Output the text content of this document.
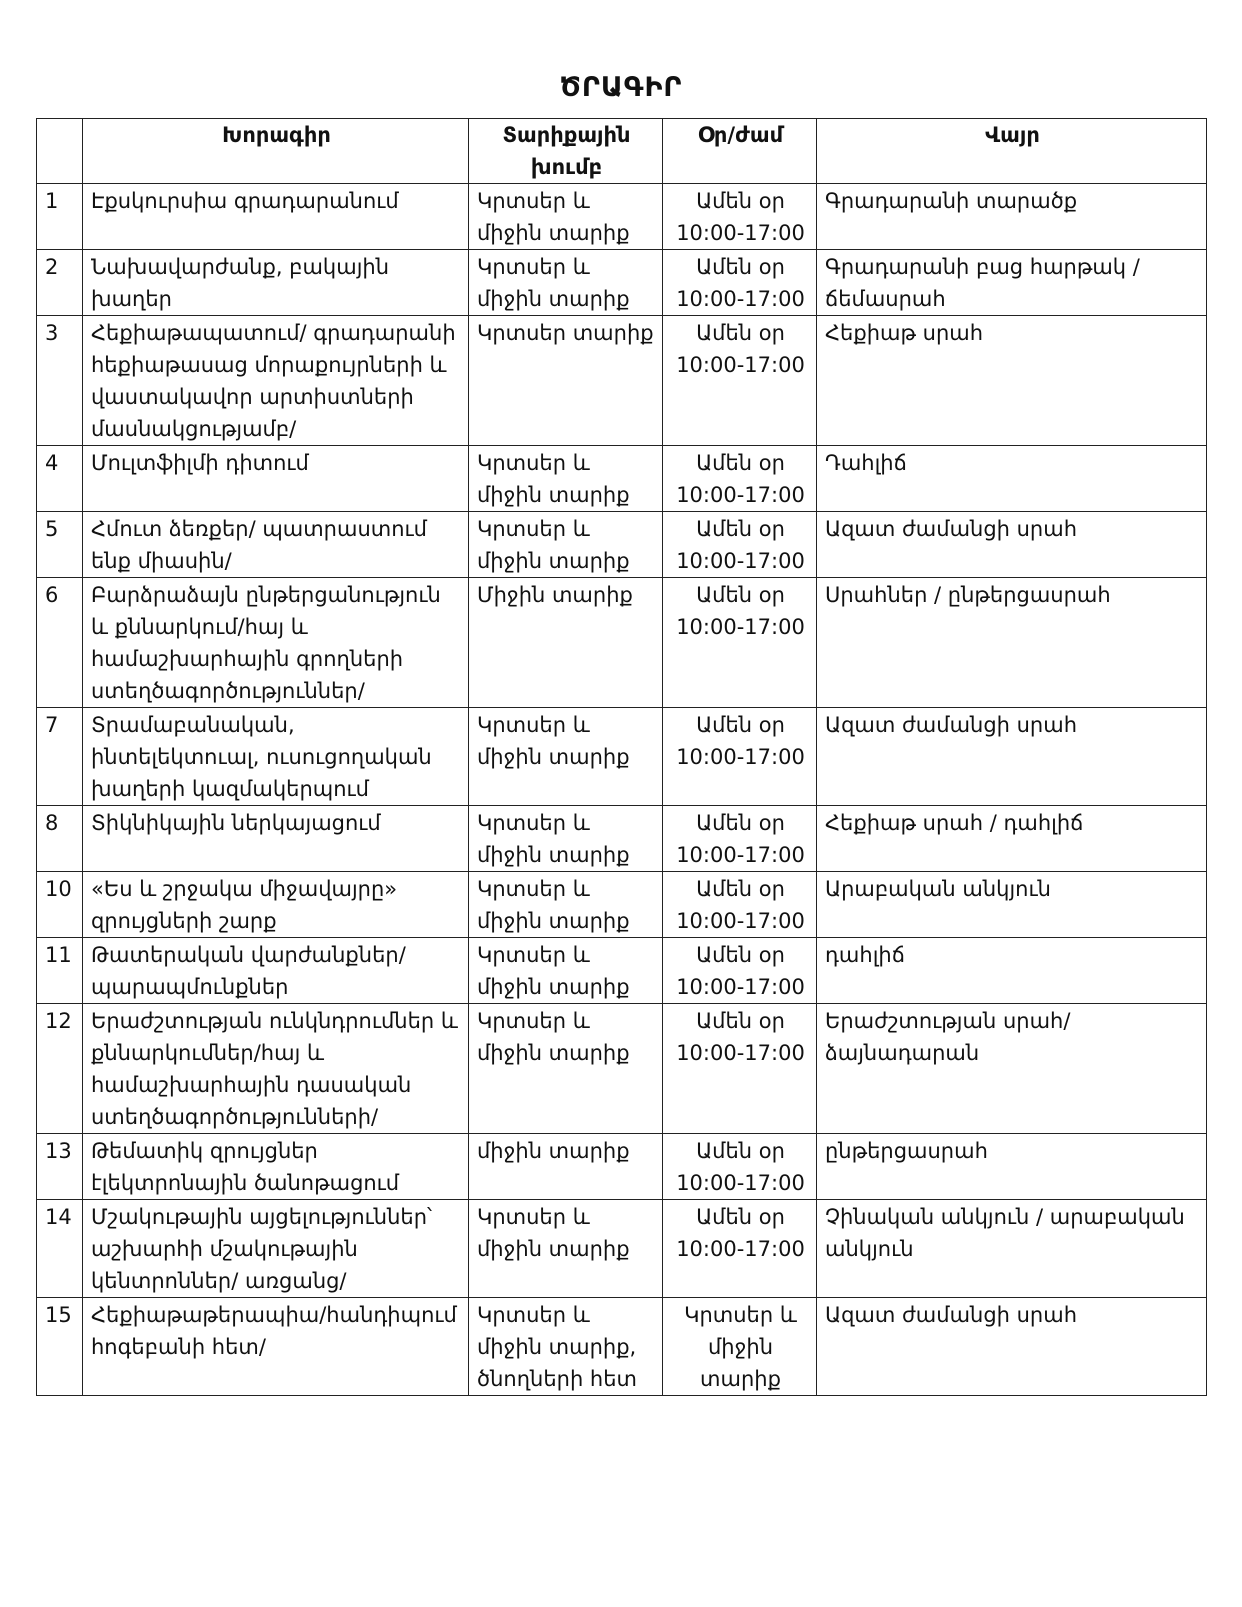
ԾՐԱԳԻՐ
	Խորագիր	Տարիքային խումբ	Օր/ժամ	Վայր
1	Էքսկուրսիա գրադարանում	Կրտսեր և միջին տարիք	Ամեն օր 10:00-17:00	Գրադարանի տարածք
2	Նախավարժանք, բակային խաղեր	Կրտսեր և միջին տարիք	Ամեն օր 10:00-17:00	Գրադարանի բաց հարթակ / ճեմասրահ
3	Հեքիաթապատում/ գրադարանի հեքիաթասաց մորաքույրների և վաստակավոր արտիստների մասնակցությամբ/	Կրտսեր տարիք	Ամեն օր 10:00-17:00	Հեքիաթ սրահ
4	Մուլտֆիլմի դիտում	Կրտսեր և միջին տարիք	Ամեն օր 10:00-17:00	Դահլիճ
5	Հմուտ ձեռքեր/ պատրաստում ենք միասին/	Կրտսեր և միջին տարիք	Ամեն օր 10:00-17:00	Ազատ ժամանցի սրահ
6	Բարձրաձայն ընթերցանություն և քննարկում/հայ և համաշխարհային գրողների ստեղծագործություններ/	Միջին տարիք	Ամեն օր 10:00-17:00	Սրահներ / ընթերցասրահ
7	Տրամաբանական, ինտելեկտուալ, ուսուցողական խաղերի կազմակերպում	Կրտսեր և միջին տարիք	Ամեն օր 10:00-17:00	Ազատ ժամանցի սրահ
8	Տիկնիկային ներկայացում	Կրտսեր և միջին տարիք	Ամեն օր 10:00-17:00	Հեքիաթ սրահ / դահլիճ
10	«Ես և շրջակա միջավայրը» զրույցների շարք	Կրտսեր և միջին տարիք	Ամեն օր 10:00-17:00	Արաբական անկյուն
11	Թատերական վարժանքներ/պարապմունքներ	Կրտսեր և միջին տարիք	Ամեն օր 10:00-17:00	դահլիճ
12	Երաժշտության ունկնդրումներ և քննարկումներ/հայ և համաշխարհային դասական ստեղծագործությունների/	Կրտսեր և միջին տարիք	Ամեն օր 10:00-17:00	Երաժշտության սրահ/ձայնադարան
13	Թեմատիկ զրույցներ էլեկտրոնային ծանոթացում	միջին տարիք	Ամեն օր 10:00-17:00	ընթերցասրահ
14	Մշակութային այցելություններ՝ աշխարհի մշակութային կենտրոններ/ առցանց/	Կրտսեր և միջին տարիք	Ամեն օր 10:00-17:00	Չինական անկյուն / արաբական անկյուն
15	Հեքիաթաթերապիա/հանդիպում հոգեբանի հետ/	Կրտսեր և միջին տարիք, ծնողների հետ	Կրտսեր և միջին տարիք	Ազատ ժամանցի սրահ
